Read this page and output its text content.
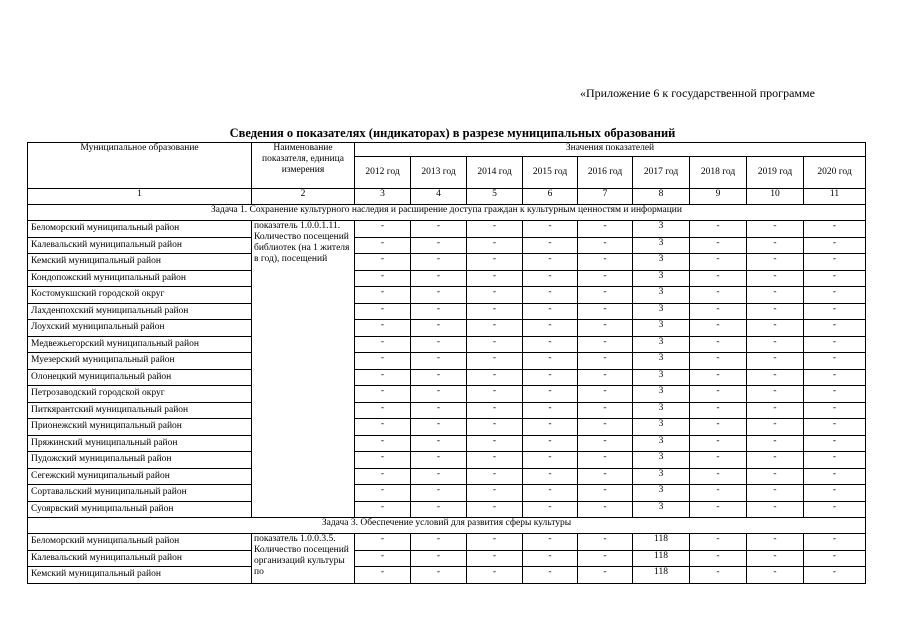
«Приложение 6 к государственной программе
Сведения о показателях (индикаторах) в разрезе муниципальных образований
Муниципальное образование	Наименование показателя, единица измерения	Значения показателей								
		2012 год	2013 год	2014 год	2015 год	2016 год	2017 год	2018 год	2019 год	2020 год
1	2	3	4	5	6	7	8	9	10	11
Задача 1. Сохранение культурного наследия и расширение доступа граждан к культурным ценностям и информации										
Беломорский муниципальный район	показатель 1.0.0.1.11. Количество посещений библиотек (на 1 жителя в год), посещений	-	-	-	-	-	3	-	-	-
Калевальский муниципальный район		-	-	-	-	-	3	-	-	-
Кемский муниципальный район		-	-	-	-	-	3	-	-	-
Кондопожский муниципальный район		-	-	-	-	-	3	-	-	-
Костомукшский городской округ		-	-	-	-	-	3	-	-	-
Лахденпохский муниципальный район		-	-	-	-	-	3	-	-	-
Лоухский муниципальный район		-	-	-	-	-	3	-	-	-
Медвежьегорский муниципальный район		-	-	-	-	-	3	-	-	-
Муезерский муниципальный район		-	-	-	-	-	3	-	-	-
Олонецкий муниципальный район		-	-	-	-	-	3	-	-	-
Петрозаводский городской округ		-	-	-	-	-	3	-	-	-
Питкярантский муниципальный район		-	-	-	-	-	3	-	-	-
Прионежский муниципальный район		-	-	-	-	-	3	-	-	-
Пряжинский муниципальный район		-	-	-	-	-	3	-	-	-
Пудожский муниципальный район		-	-	-	-	-	3	-	-	-
Сегежский муниципальный район		-	-	-	-	-	3	-	-	-
Сортавальский муниципальный район		-	-	-	-	-	3	-	-	-
Суоярвский муниципальный район		-	-	-	-	-	3	-	-	-
Задача 3. Обеспечение условий для развития сферы культуры										
Беломорский муниципальный район	показатель 1.0.0.3.5. Количество посещений организаций культуры по	-	-	-	-	-	118	-	-	-
Калевальский муниципальный район		-	-	-	-	-	118	-	-	-
Кемский муниципальный район		-	-	-	-	-	118	-	-	-
